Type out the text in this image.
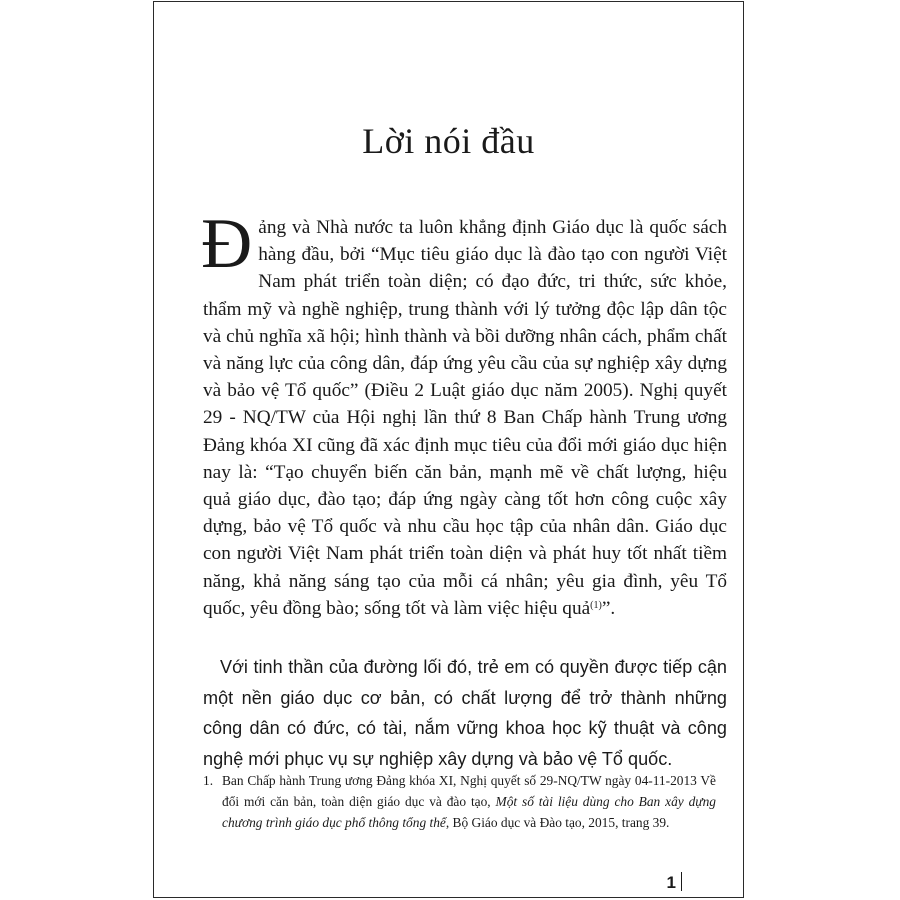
Lời nói đầu

Đảng và Nhà nước ta luôn khẳng định Giáo dục là quốc sách hàng đầu, bởi “Mục tiêu giáo dục là đào tạo con người Việt Nam phát triển toàn diện; có đạo đức, tri thức, sức khỏe, thẩm mỹ và nghề nghiệp, trung thành với lý tưởng độc lập dân tộc và chủ nghĩa xã hội; hình thành và bồi dưỡng nhân cách, phẩm chất và năng lực của công dân, đáp ứng yêu cầu của sự nghiệp xây dựng và bảo vệ Tổ quốc” (Điều 2 Luật giáo dục năm 2005). Nghị quyết 29 - NQ/TW của Hội nghị lần thứ 8 Ban Chấp hành Trung ương Đảng khóa XI cũng đã xác định mục tiêu của đổi mới giáo dục hiện nay là: “Tạo chuyển biến căn bản, mạnh mẽ về chất lượng, hiệu quả giáo dục, đào tạo; đáp ứng ngày càng tốt hơn công cuộc xây dựng, bảo vệ Tổ quốc và nhu cầu học tập của nhân dân. Giáo dục con người Việt Nam phát triển toàn diện và phát huy tốt nhất tiềm năng, khả năng sáng tạo của mỗi cá nhân; yêu gia đình, yêu Tổ quốc, yêu đồng bào; sống tốt và làm việc hiệu quả$^{(1)}$”.

Với tinh thần của đường lối đó, trẻ em có quyền được tiếp cận một nền giáo dục cơ bản, có chất lượng để trở thành những công dân có đức, có tài, nắm vững khoa học kỹ thuật và công nghệ mới phục vụ sự nghiệp xây dựng và bảo vệ Tổ quốc.

1. Ban Chấp hành Trung ương Đảng khóa XI, Nghị quyết số 29-NQ/TW ngày 04-11-2013 Về đổi mới căn bản, toàn diện giáo dục và đào tạo, Một số tài liệu dùng cho Ban xây dựng chương trình giáo dục phổ thông tổng thể, Bộ Giáo dục và Đào tạo, 2015, trang 39.
1
